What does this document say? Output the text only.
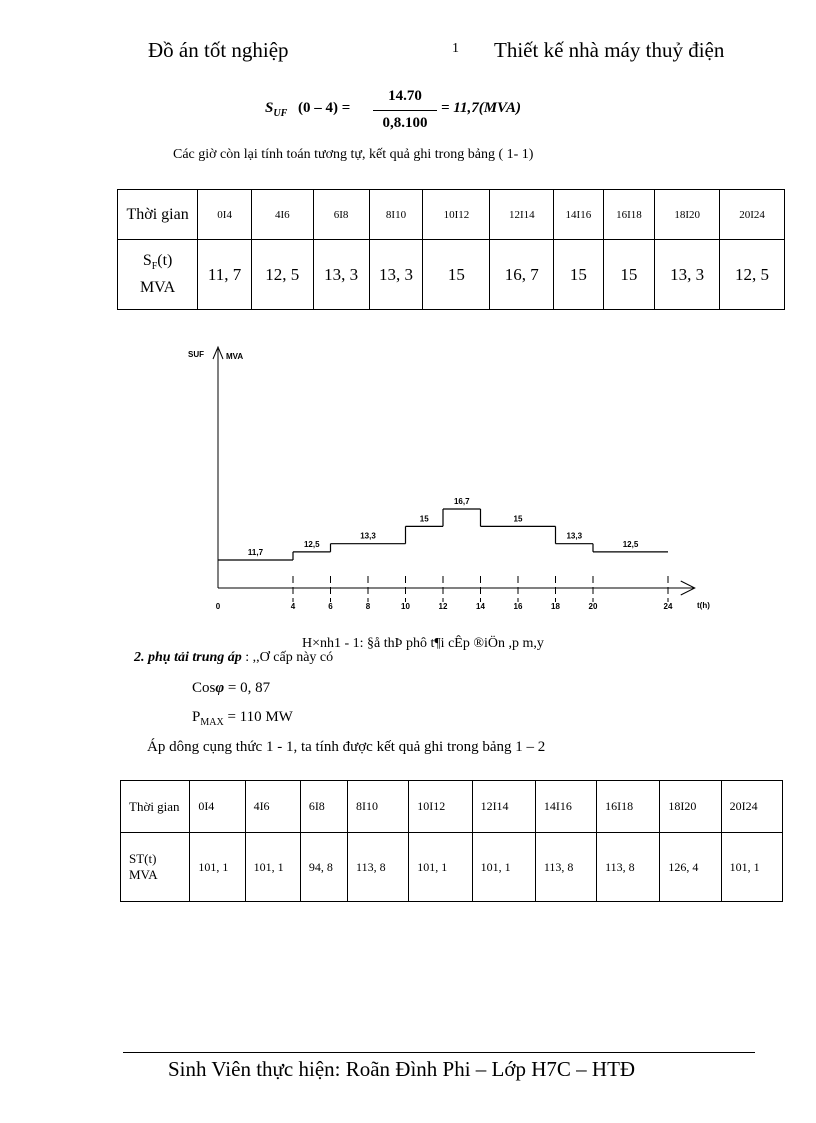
Đồ án tốt nghiệp	1 Thiết kế nhà máy thuỷ điện
$S_{UF}$ (0 – 4) =
14.70
0,8.100
= 11,7(MVA)
Các giờ còn lại tính toán tương tự, kết quả ghi trong bảng ( 1- 1)
Thời gian	0I4	4I6	6I8	8I10	10I12	12I14	14I16	16I18	18I20	20I24
$S_F(t)$
MVA	11, 7	12, 5	13, 3	13, 3	15	16, 7	15	15	13, 3	12, 5
11,7
12,5
13,3
15
16,7
15
13,3
12,5
0	4	6	8	10	12	14	16	18	20	24
SUF	MVA
t(h)
H×nh1 - 1: §å thÞ phô t¶i cÊp ®iÖn ,p m,y
2. phụ tải trung áp : ,,Ơ cấp này có
Cosφ = 0, 87
$P_{MAX} = 110$ MW
Áp dông cụng thức 1 - 1, ta tính được kết quả ghi trong bảng 1 – 2
Thời gian	0I4	4I6	6I8	8I10	10I12	12I14	14I16	16I18	18I20	20I24
ST(t)
MVA	101, 1	101, 1	94, 8	113, 8	101, 1	101, 1	113, 8	113, 8	126, 4	101, 1
Sinh Viên thực hiện: Roãn Đình Phi – Lớp H7C – HTĐ
